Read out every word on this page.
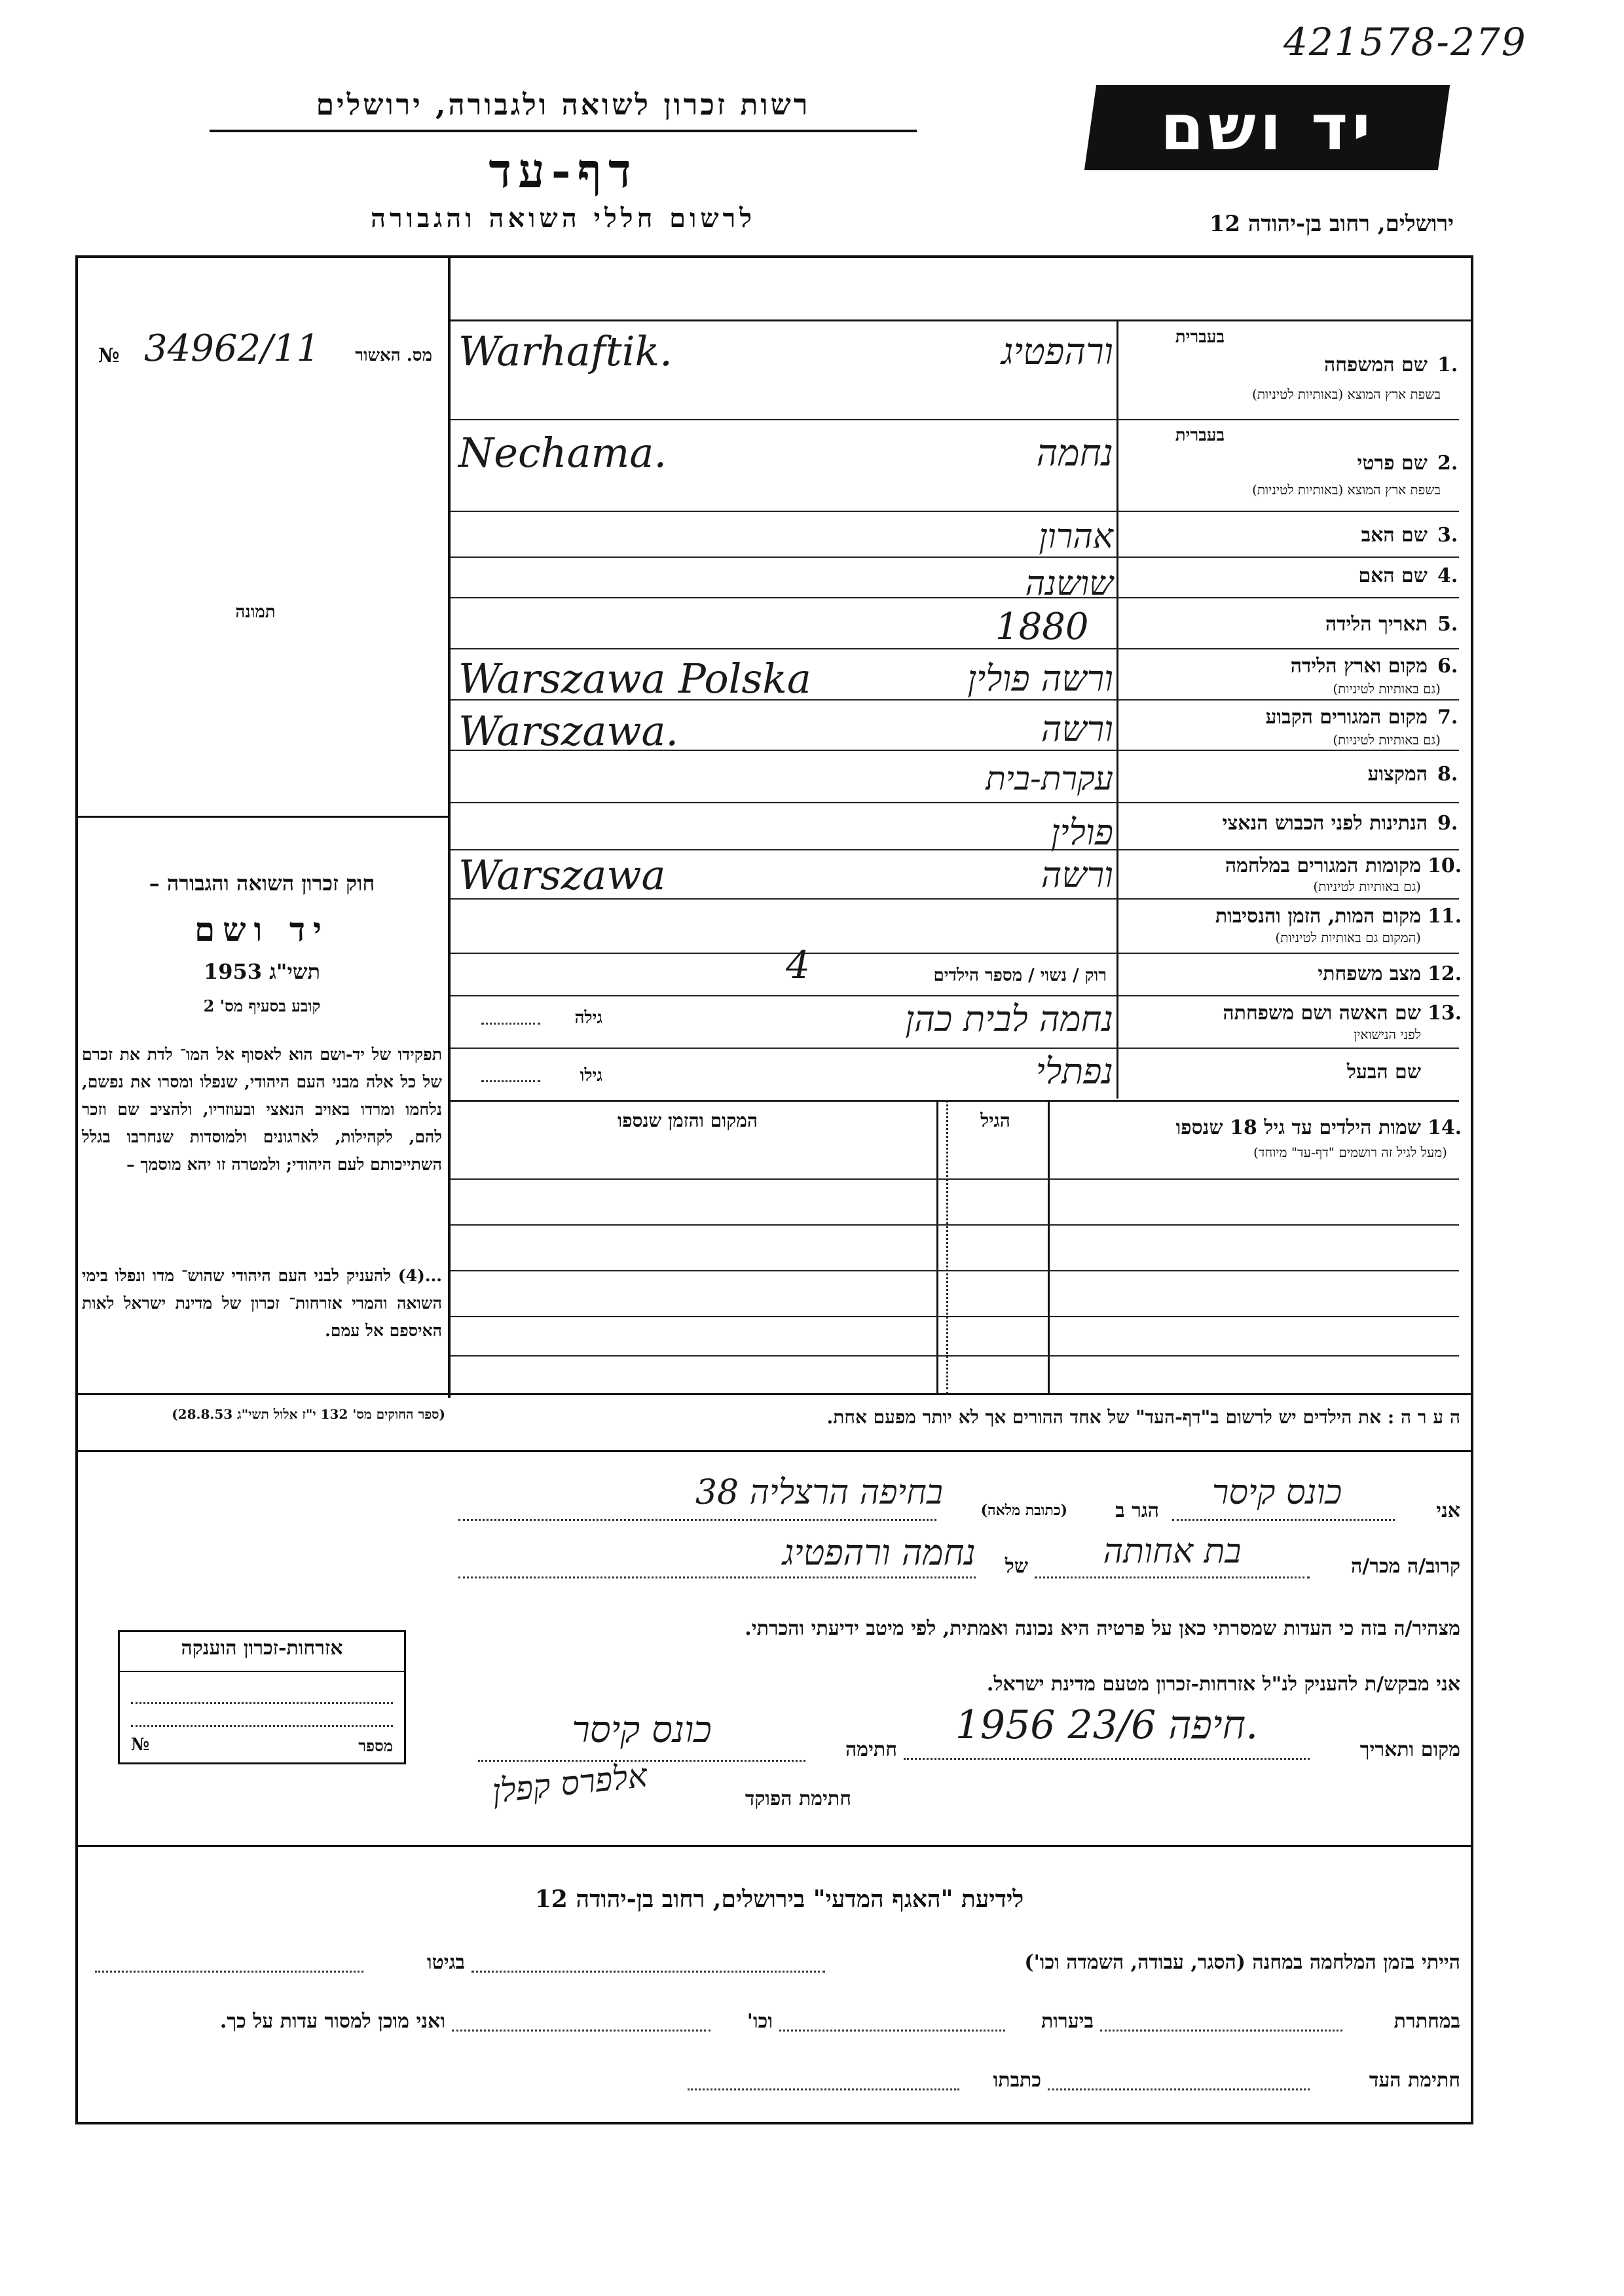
421578-279
יד ושם
רשות זכרון לשואה ולגבורה, ירושלים
דף-עד
לרשום חללי השואה והגבורה	ירושלים, רחוב בן-יהודה 12
מס. האשור
№ 34962/11
תמונה
חוק זכרון השואה והגבורה –
יד ושם
תשי"ג 1953
קובע בסעיף מס' 2
תפקידו של יד-ושם הוא לאסוף אל המו־ לדת את זכרם של כל אלה מבני העם היהודי, שנפלו ומסרו את נפשם, נלחמו ומרדו באויב הנאצי ובעוזריו, ולהציב שם וזכר להם, לקהילות, לארגונים ולמוסדות שנחרבו בגלל השתייכותם לעם היהודי; ולמטרה זו יהא מוסמך –
...(4) להעניק לבני העם היהודי שהוש־ מדו ונפלו בימי השואה והמרי אזרחות־ זכרון של מדינת ישראל לאות האיספם אל עמם.
(ספר החוקים מס' 132 י"ז אלול תשי"ג 28.8.53)
בעברית
1.
שם המשפחה
בשפת ארץ המוצא (באותיות לטיניות)
Warhaftik.	ורהפטיג
בעברית
2.
שם פרטי
בשפת ארץ המוצא (באותיות לטיניות)
Nechama.	נחמה
3.
שם האב
אהרון
4.
שם האם
שושנה
5.
תאריך הלידה
1880
6.
מקום וארץ הלידה
(גם באותיות לטיניות)
Warszawa Polska	ורשה פולין
7.
מקום המגורים הקבוע
(גם באותיות לטיניות)
Warszawa.	ורשה
8.
המקצוע
עקרת-בית
9.
הנתינות לפני הכבוש הנאצי
פולין
10.
מקומות המגורים במלחמה
(גם באותיות לטיניות)
Warszawa	ורשה
11.
מקום המות, הזמן והנסיבות
(המקום גם באותיות לטיניות)
12.
מצב משפחתי
רוק / נשוי / מספר הילדים
4
13.
שם האשה ושם משפחתה
לפני הנישואין
גילה	נחמה לבית כהן
שם הבעל
גילו	נפתלי
14.
שמות הילדים עד גיל 18 שנספו
(מעל לגיל זה רושמים "דף-עד" מיוחד)
הגיל
המקום והזמן שנספו
ה ע ר ה : את הילדים יש לרשום ב"דף-העד" של אחד ההורים אך לא יותר מפעם אחת.
אני
כונס קיסר
הגר ב
(כתובת מלאה)
בחיפה הרצליה 38
קרוב/ה מכר/ה
בת אחותה
של
נחמה ורהפטיג
מצהיר/ה בזה כי העדות שמסרתי כאן על פרטיה היא נכונה ואמתית, לפי מיטב ידיעתי והכרתי.
אני מבקש/ת להעניק לנ"ל אזרחות-זכרון מטעם מדינת ישראל.
מקום ותאריך
חיפה 23/6 1956.
חתימה
כונס קיסר
חתימת הפוקד
אלפרס קפלן
אזרחות-זכרון הוענקה
מספר
№
לידיעת "האגף המדעי" בירושלים, רחוב בן-יהודה 12
הייתי בזמן המלחמה במחנה (הסגר, עבודה, השמדה וכו')
בגיטו
במחתרת
ביערות
וכו'
ואני מוכן למסור עדות על כך.
חתימת העד
כתבתו
